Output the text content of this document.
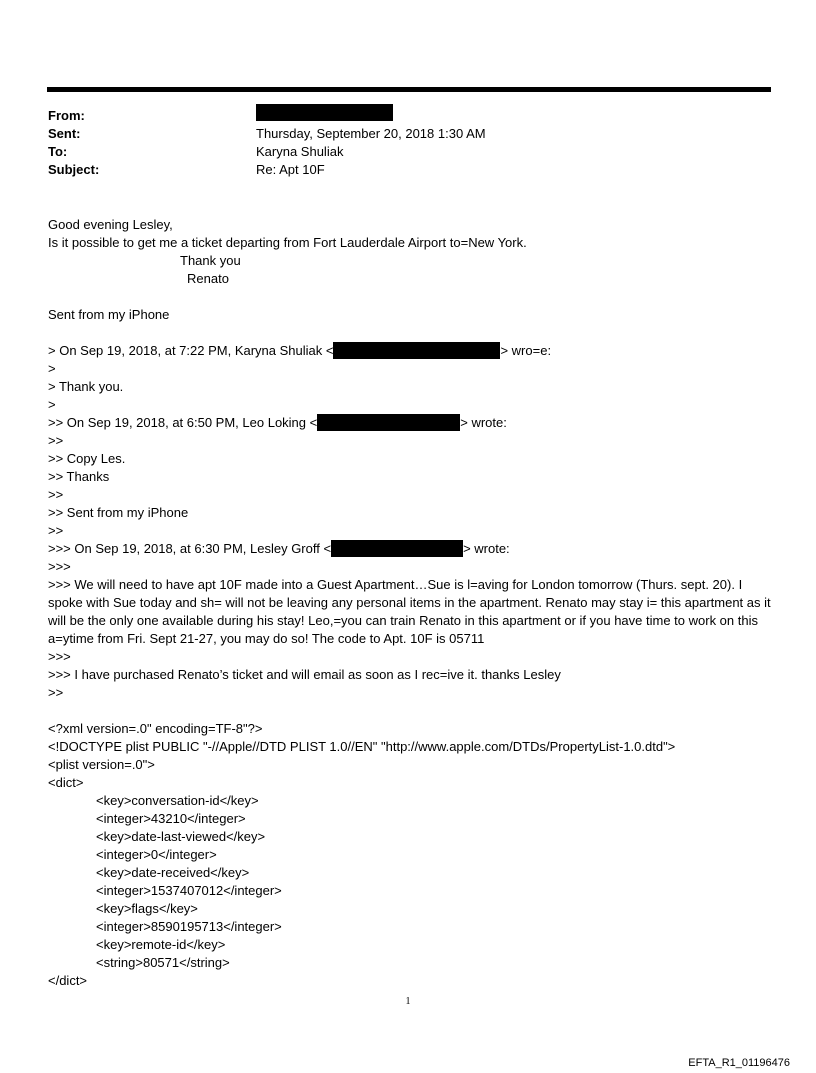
From:
Sent:	Thursday, September 20, 2018 1:30 AM
To:	Karyna Shuliak
Subject:	Re: Apt 10F
Good evening Lesley,
Is it possible to get me a ticket departing from Fort Lauderdale Airport to=New York.
Thank you
Renato
Sent from my iPhone
> On Sep 19, 2018, at 7:22 PM, Karyna Shuliak <	> wro=e:
>
> Thank you.
>
>> On Sep 19, 2018, at 6:50 PM, Leo Loking <	> wrote:
>>
>> Copy Les.
>> Thanks
>>
>> Sent from my iPhone
>>
>>> On Sep 19, 2018, at 6:30 PM, Lesley Groff <	> wrote:
>>>
>>> We will need to have apt 10F made into a Guest Apartment…Sue is l=aving for London tomorrow (Thurs. sept. 20). I spoke with Sue today and sh= will not be leaving any personal items in the apartment. Renato may stay i= this apartment as it will be the only one available during his stay! Leo,=you can train Renato in this apartment or if you have time to work on this a=ytime from Fri. Sept 21-27, you may do so! The code to Apt. 10F is 05711
>>>
>>> I have purchased Renato’s ticket and will email as soon as I rec=ive it. thanks Lesley
>>
<?xml version=.0" encoding=TF-8"?>
<!DOCTYPE plist PUBLIC "-//Apple//DTD PLIST 1.0//EN" "http://www.apple.com/DTDs/PropertyList-1.0.dtd">
<plist version=.0">
<dict>
<key>conversation-id</key>
<integer>43210</integer>
<key>date-last-viewed</key>
<integer>0</integer>
<key>date-received</key>
<integer>1537407012</integer>
<key>flags</key>
<integer>8590195713</integer>
<key>remote-id</key>
<string>80571</string>
</dict>
1
EFTA_R1_01196476
